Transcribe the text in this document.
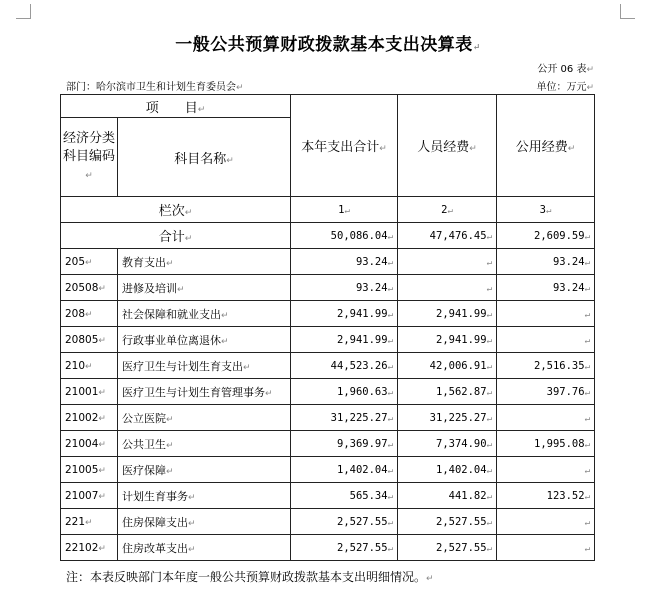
一般公共预算财政拨款基本支出决算表↵
公开 06 表↵
部门：哈尔滨市卫生和计划生育委员会↵	单位：万元↵
项　　目↵		本年支出合计↵	人员经费↵	公用经费↵
经济分类科目编码↵	科目名称↵			
栏次↵		1↵	2↵	3↵
合计↵		50,086.04↵	47,476.45↵	2,609.59↵
205↵	教育支出↵	93.24↵	↵	93.24↵
20508↵	进修及培训↵	93.24↵	↵	93.24↵
208↵	社会保障和就业支出↵	2,941.99↵	2,941.99↵	↵
20805↵	行政事业单位离退休↵	2,941.99↵	2,941.99↵	↵
210↵	医疗卫生与计划生育支出↵	44,523.26↵	42,006.91↵	2,516.35↵
21001↵	医疗卫生与计划生育管理事务↵	1,960.63↵	1,562.87↵	397.76↵
21002↵	公立医院↵	31,225.27↵	31,225.27↵	↵
21004↵	公共卫生↵	9,369.97↵	7,374.90↵	1,995.08↵
21005↵	医疗保障↵	1,402.04↵	1,402.04↵	↵
21007↵	计划生育事务↵	565.34↵	441.82↵	123.52↵
221↵	住房保障支出↵	2,527.55↵	2,527.55↵	↵
22102↵	住房改革支出↵	2,527.55↵	2,527.55↵	↵
注：本表反映部门本年度一般公共预算财政拨款基本支出明细情况。↵
